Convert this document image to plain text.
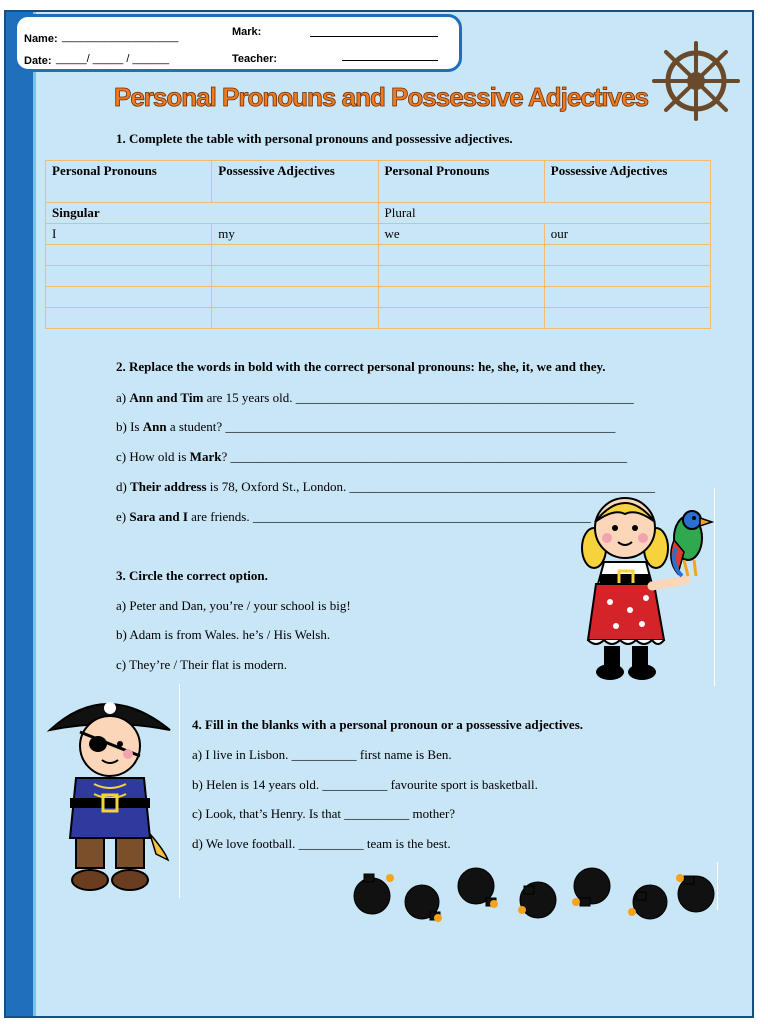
Name: ___________________
Date: _____/ _____ / ______
Mark:
Teacher:
Personal Pronouns and Possessive Adjectives
1. Complete the table with personal pronouns and possessive adjectives.
Personal Pronouns	Possessive Adjectives	Personal Pronouns	Possessive Adjectives
Singular		Plural	
I	my	we	our

2. Replace the words in bold with the correct personal pronouns: he, she, it, we and they.
a) Ann and Tim are 15 years old. ____________________________________________________
b) Is Ann a student? ____________________________________________________________
c) How old is Mark? _____________________________________________________________
d) Their address is 78, Oxford St., London. _______________________________________________
e) Sara and I are friends. ____________________________________________________
3. Circle the correct option.
a) Peter and Dan, you’re / your school is big!
b) Adam is from Wales. he’s / His Welsh.
c) They’re / Their flat is modern.
4. Fill in the blanks with a personal pronoun or a possessive adjectives.
a) I live in Lisbon. __________ first name is Ben.
b) Helen is 14 years old. __________ favourite sport is basketball.
c) Look, that’s Henry. Is that __________ mother?
d) We love football. __________ team is the best.
